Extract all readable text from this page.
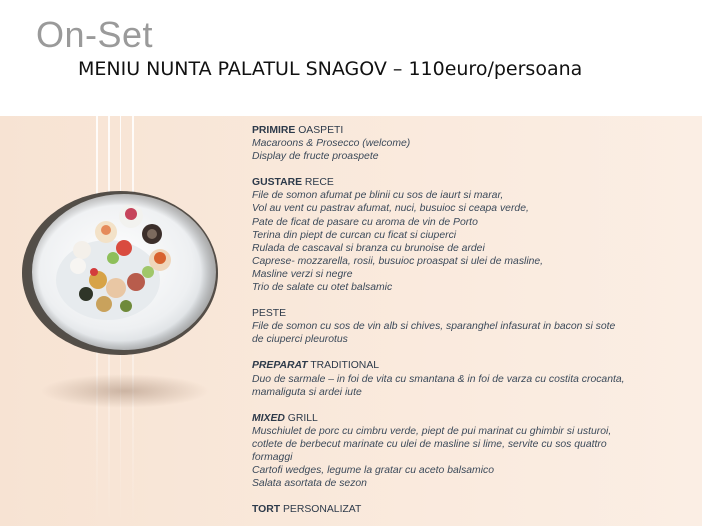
On-Set
MENIU NUNTA PALATUL SNAGOV – 110euro/persoana
PRIMIRE OASPETI
Macaroons & Prosecco (welcome)
Display de fructe proaspete
GUSTARE RECE
File de somon afumat pe blinii cu sos de iaurt si marar,
Vol au vent cu pastrav afumat, nuci, busuioc si ceapa verde,
Pate de ficat de pasare cu aroma de vin de Porto
Terina din piept de curcan cu ficat si ciuperci
Rulada de cascaval si branza cu brunoise de ardei
Caprese- mozzarella, rosii, busuioc proaspat si ulei de masline,
Masline verzi si negre
Trio de salate cu otet balsamic
PESTE
File de somon cu sos de vin alb si chives, sparanghel infasurat in bacon si sote
de ciuperci pleurotus
PREPARAT TRADITIONAL
Duo de sarmale – in foi de vita cu smantana & in foi de varza cu costita crocanta,
mamaliguta si ardei iute
MIXED GRILL
Muschiulet de porc cu cimbru verde, piept de pui marinat cu ghimbir si usturoi,
cotlete de berbecut marinate cu ulei de masline si lime, servite cu sos quattro
formaggi
Cartofi wedges, legume la gratar cu aceto balsamico
Salata asortata de sezon
TORT PERSONALIZAT
